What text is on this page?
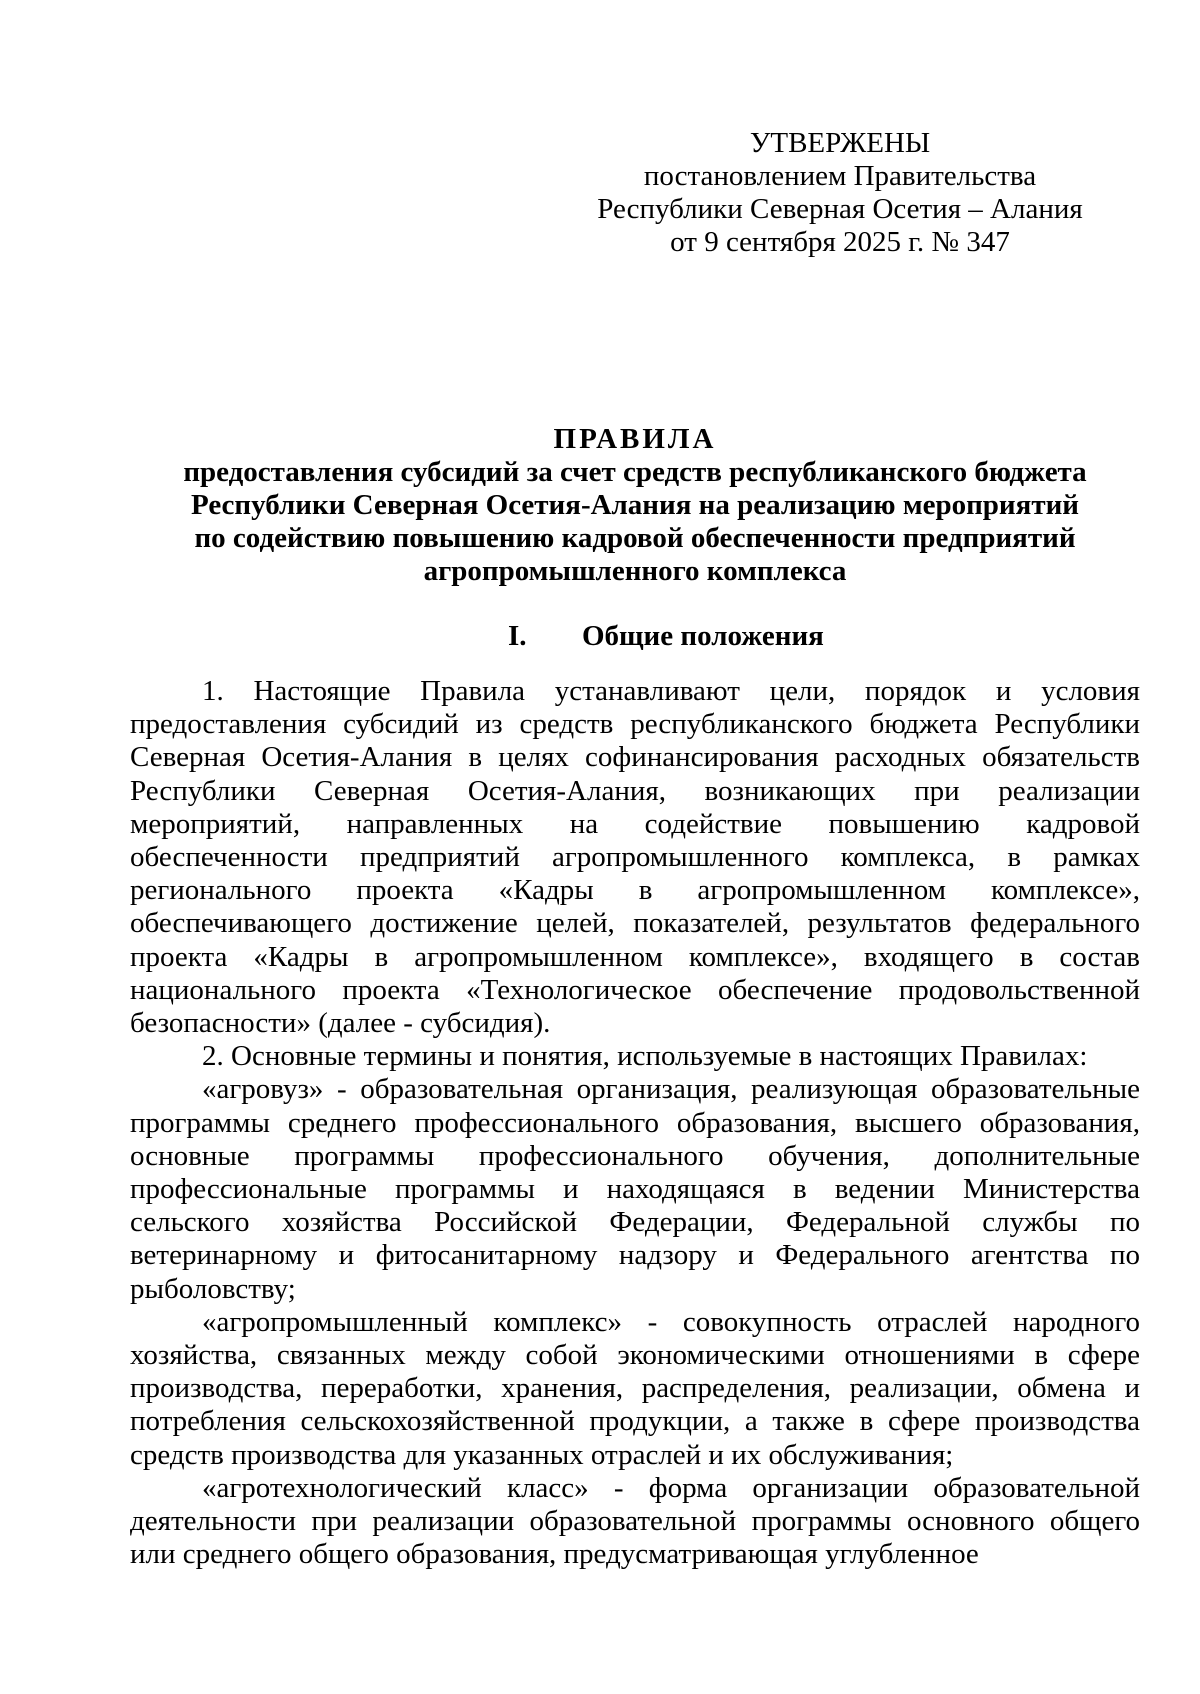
УТВЕРЖЕНЫ
постановлением Правительства
Республики Северная Осетия – Алания
от 9 сентября 2025 г. № 347
ПРАВИЛА
предоставления субсидий за счет средств республиканского бюджета
Республики Северная Осетия-Алания на реализацию мероприятий
по содействию повышению кадровой обеспеченности предприятий
агропромышленного комплекса
I. Общие положения

1. Настоящие Правила устанавливают цели, порядок и условия предоставления субсидий из средств республиканского бюджета Республики Северная Осетия-Алания в целях софинансирования расходных обязательств Республики Северная Осетия-Алания, возникающих при реализации мероприятий, направленных на содействие повышению кадровой обеспеченности предприятий агропромышленного комплекса, в рамках регионального проекта «Кадры в агропромышленном комплексе», обеспечивающего достижение целей, показателей, результатов федерального проекта «Кадры в агропромышленном комплексе», входящего в состав национального проекта «Технологическое обеспечение продовольственной безопасности» (далее - субсидия).

2. Основные термины и понятия, используемые в настоящих Правилах:

«агровуз» - образовательная организация, реализующая образовательные программы среднего профессионального образования, высшего образования, основные программы профессионального обучения, дополнительные профессиональные программы и находящаяся в ведении Министерства сельского хозяйства Российской Федерации, Федеральной службы по ветеринарному и фитосанитарному надзору и Федерального агентства по рыболовству;

«агропромышленный комплекс» - совокупность отраслей народного хозяйства, связанных между собой экономическими отношениями в сфере производства, переработки, хранения, распределения, реализации, обмена и потребления сельскохозяйственной продукции, а также в сфере производства средств производства для указанных отраслей и их обслуживания;

«агротехнологический класс» - форма организации образовательной деятельности при реализации образовательной программы основного общего или среднего общего образования, предусматривающая углубленное
